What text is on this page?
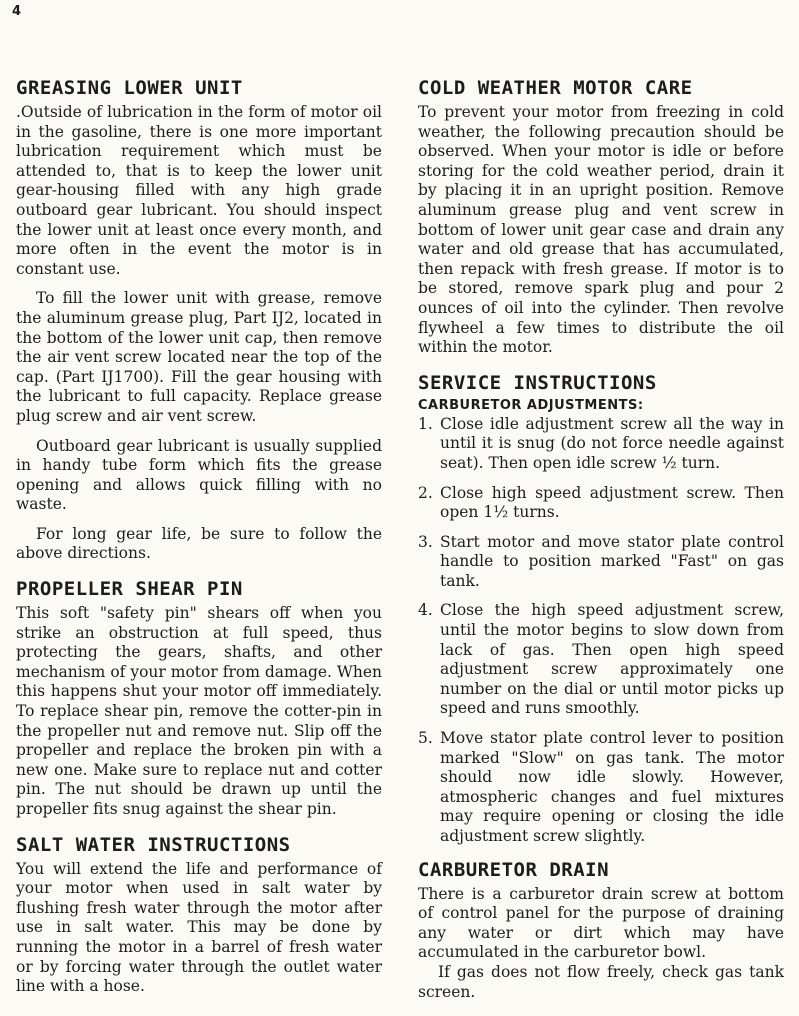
4
GREASING LOWER UNIT

.Outside of lubrication in the form of motor oil in the gasoline, there is one more important lubrication requirement which must be attended to, that is to keep the lower unit gear-housing filled with any high grade outboard gear lubricant. You should inspect the lower unit at least once every month, and more often in the event the motor is in constant use.

To fill the lower unit with grease, remove the aluminum grease plug, Part IJ2, located in the bottom of the lower unit cap, then remove the air vent screw located near the top of the cap. (Part IJ1700). Fill the gear housing with the lubricant to full capacity. Replace grease plug screw and air vent screw.

Outboard gear lubricant is usually supplied in handy tube form which fits the grease opening and allows quick filling with no waste.

For long gear life, be sure to follow the above directions.

PROPELLER SHEAR PIN

This soft "safety pin" shears off when you strike an obstruction at full speed, thus protecting the gears, shafts, and other mechanism of your motor from damage. When this happens shut your motor off immediately. To replace shear pin, remove the cotter-pin in the propeller nut and remove nut. Slip off the propeller and replace the broken pin with a new one. Make sure to replace nut and cotter pin. The nut should be drawn up until the propeller fits snug against the shear pin.

SALT WATER INSTRUCTIONS

You will extend the life and performance of your motor when used in salt water by flushing fresh water through the motor after use in salt water. This may be done by running the motor in a barrel of fresh water or by forcing water through the outlet water line with a hose.

COLD WEATHER MOTOR CARE

To prevent your motor from freezing in cold weather, the following precaution should be observed. When your motor is idle or before storing for the cold weather period, drain it by placing it in an upright position. Remove aluminum grease plug and vent screw in bottom of lower unit gear case and drain any water and old grease that has accumulated, then repack with fresh grease. If motor is to be stored, remove spark plug and pour 2 ounces of oil into the cylinder. Then revolve flywheel a few times to distribute the oil within the motor.

SERVICE INSTRUCTIONS
CARBURETOR ADJUSTMENTS:
1. Close idle adjustment screw all the way in until it is snug (do not force needle against seat). Then open idle screw ½ turn.
2. Close high speed adjustment screw. Then open 1½ turns.
3. Start motor and move stator plate control handle to position marked "Fast" on gas tank.
4. Close the high speed adjustment screw, until the motor begins to slow down from lack of gas. Then open high speed adjustment screw approximately one number on the dial or until motor picks up speed and runs smoothly.
5. Move stator plate control lever to position marked "Slow" on gas tank. The motor should now idle slowly. However, atmospheric changes and fuel mixtures may require opening or closing the idle adjustment screw slightly.
CARBURETOR DRAIN

There is a carburetor drain screw at bottom of control panel for the purpose of draining any water or dirt which may have accumulated in the carburetor bowl.

If gas does not flow freely, check gas tank screen.
